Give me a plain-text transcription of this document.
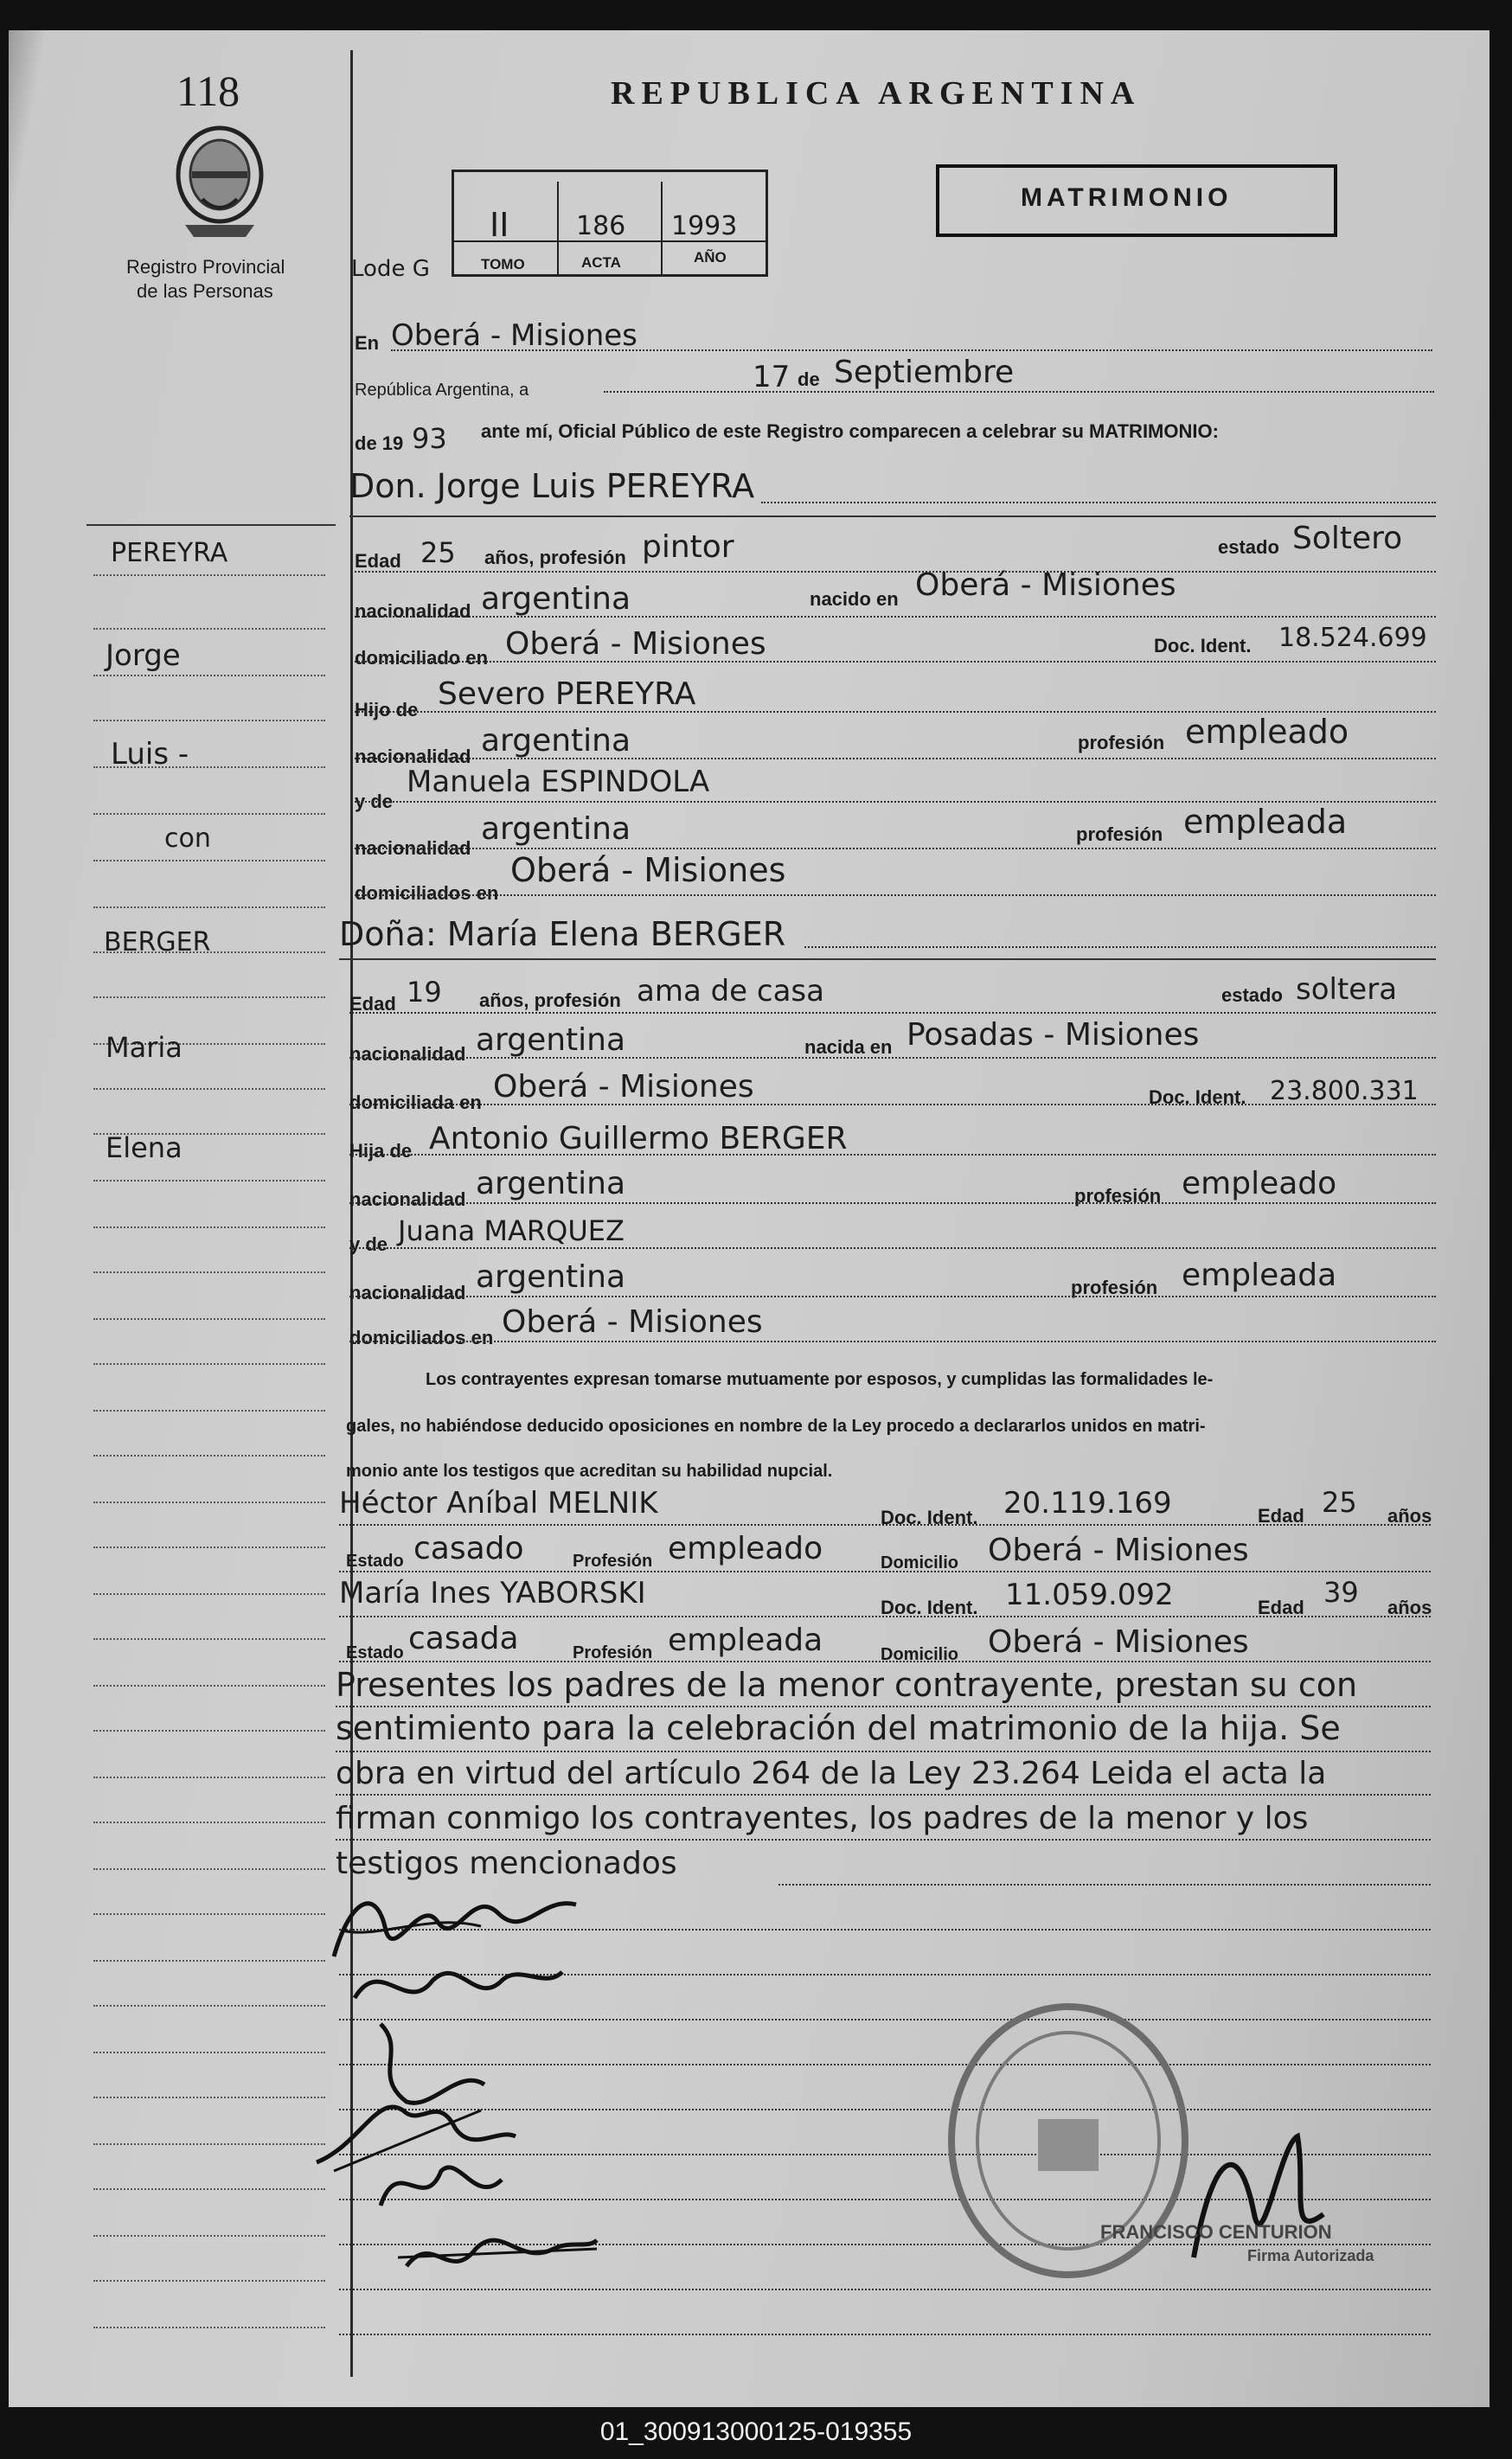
PEREYRA
Jorge
Luis -
con
BERGER
Maria
Elena
118
Registro Provincial
de las Personas
REPUBLICA ARGENTINA
MATRIMONIO
Lode G
II	186 1993
TOMO	ACTA	AÑO
En Oberá - Misiones
República Argentina, a	17 de Septiembre
de 19 93 ante mí, Oficial Público de este Registro comparecen a celebrar su MATRIMONIO:
Don. Jorge Luis PEREYRA
Edad 25 años, profesión pintor	estado Soltero
nacionalidad argentina	nacido en Oberá - Misiones
domiciliado en Oberá - Misiones	Doc. Ident. 18.524.699
Hijo de Severo PEREYRA
nacionalidad argentina	profesión empleado
y de
Manuela ESPINDOLA
nacionalidad
argentina	profesión empleada
domiciliados en
Oberá - Misiones
Doña: María Elena BERGER
Edad 19 años, profesión ama de casa	estado soltera
nacionalidad argentina	nacida en Posadas - Misiones
domiciliada en Oberá - Misiones	Doc. Ident. 23.800.331
Hija de Antonio Guillermo BERGER
nacionalidad argentina	profesión empleado
y de Juana MARQUEZ
nacionalidad argentina	profesión empleada
domiciliados en Oberá - Misiones
Los contrayentes expresan tomarse mutuamente por esposos, y cumplidas las formalidades le-
gales, no habiéndose deducido oposiciones en nombre de la Ley procedo a declararlos unidos en matri-
monio ante los testigos que acreditan su habilidad nupcial.
Héctor Aníbal MELNIK	Doc. Ident. 20.119.169	Edad 25 años
Estado casado	Profesión empleado	Domicilio Oberá - Misiones
María Ines YABORSKI	Doc. Ident. 11.059.092	Edad 39 años
Estado casada	Profesión empleada	Domicilio Oberá - Misiones
Presentes los padres de la menor contrayente, prestan su con
sentimiento para la celebración del matrimonio de la hija. Se
obra en virtud del artículo 264 de la Ley 23.264 Leida el acta la
firman conmigo los contrayentes, los padres de la menor y los
testigos mencionados
FRANCISCO CENTURION
Firma Autorizada
01_300913000125-019355
